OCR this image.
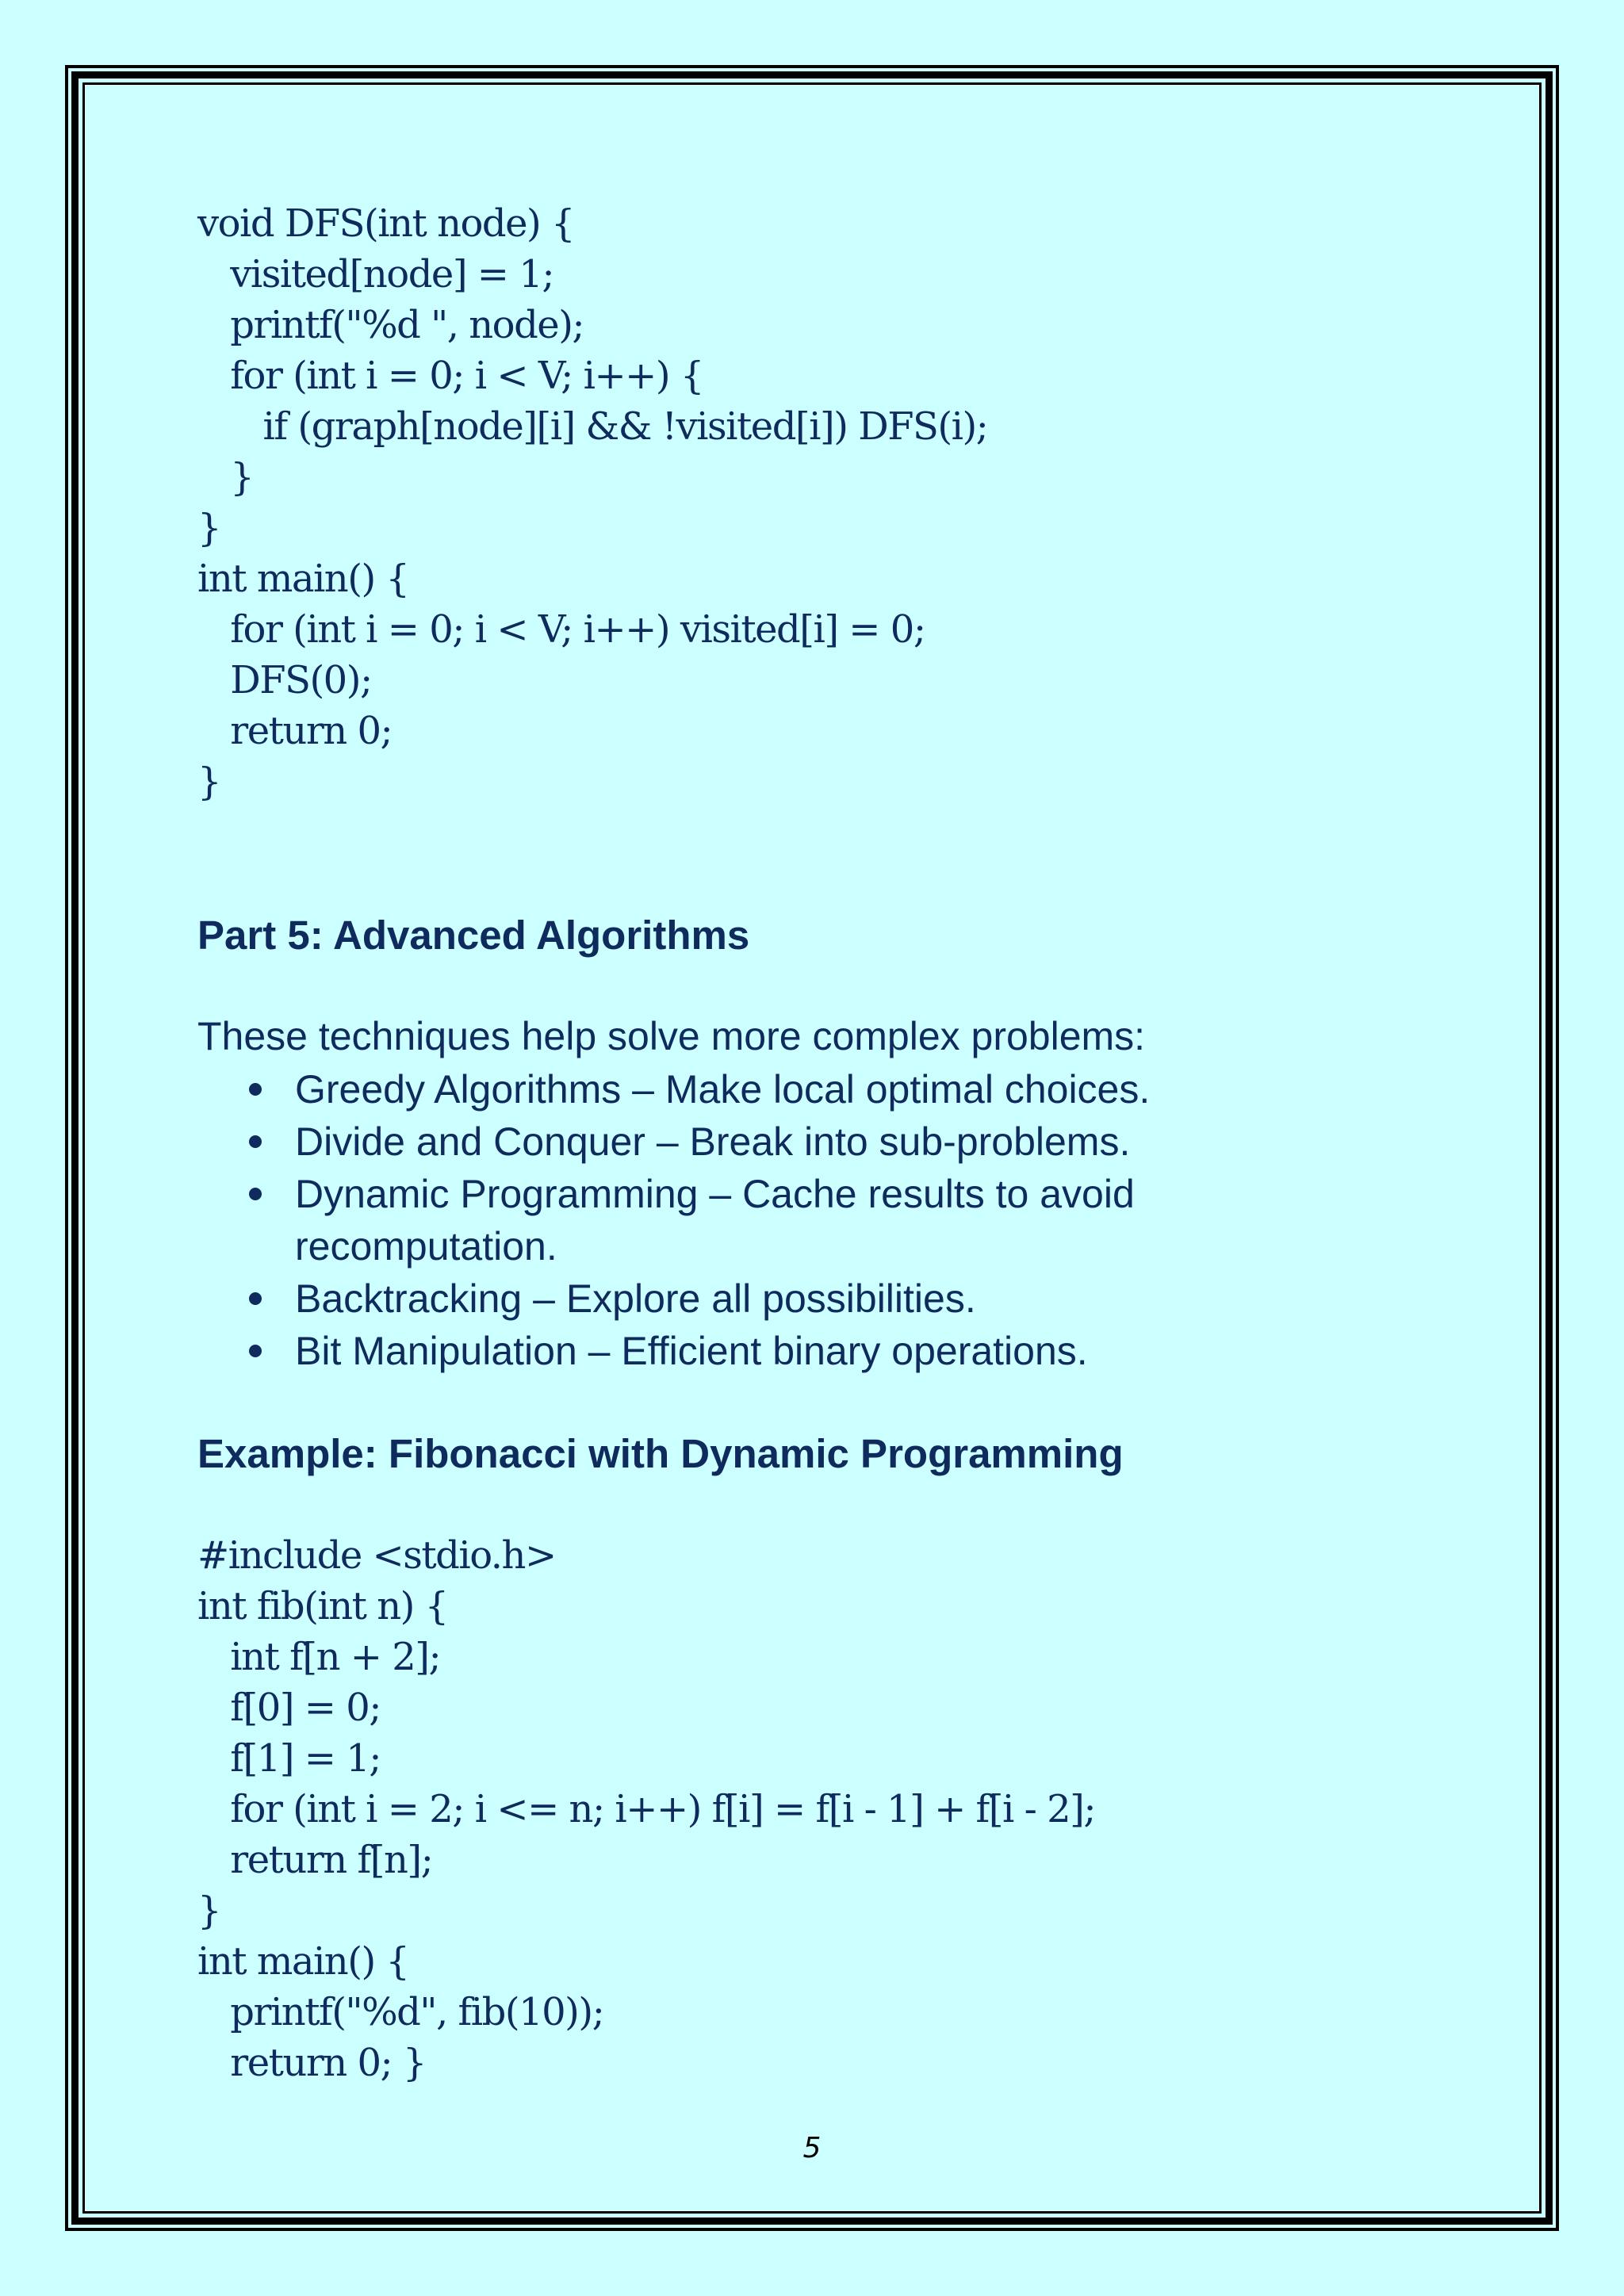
void DFS(int node) {
visited[node] = 1;
printf("%d ", node);
for (int i = 0; i < V; i++) {
if (graph[node][i] && !visited[i]) DFS(i);
}
}
int main() {
for (int i = 0; i < V; i++) visited[i] = 0;
DFS(0);
return 0;
}
Part 5: Advanced Algorithms

These techniques help solve more complex problems:

Greedy Algorithms – Make local optimal choices.
Divide and Conquer – Break into sub-problems.
Dynamic Programming – Cache results to avoid recomputation.
Backtracking – Explore all possibilities.
Bit Manipulation – Efficient binary operations.
Example: Fibonacci with Dynamic Programming
#include <stdio.h>
int fib(int n) {
int f[n + 2];
f[0] = 0;
f[1] = 1;
for (int i = 2; i <= n; i++) f[i] = f[i - 1] + f[i - 2];
return f[n];
}
int main() {
printf("%d", fib(10));
return 0; }
5
